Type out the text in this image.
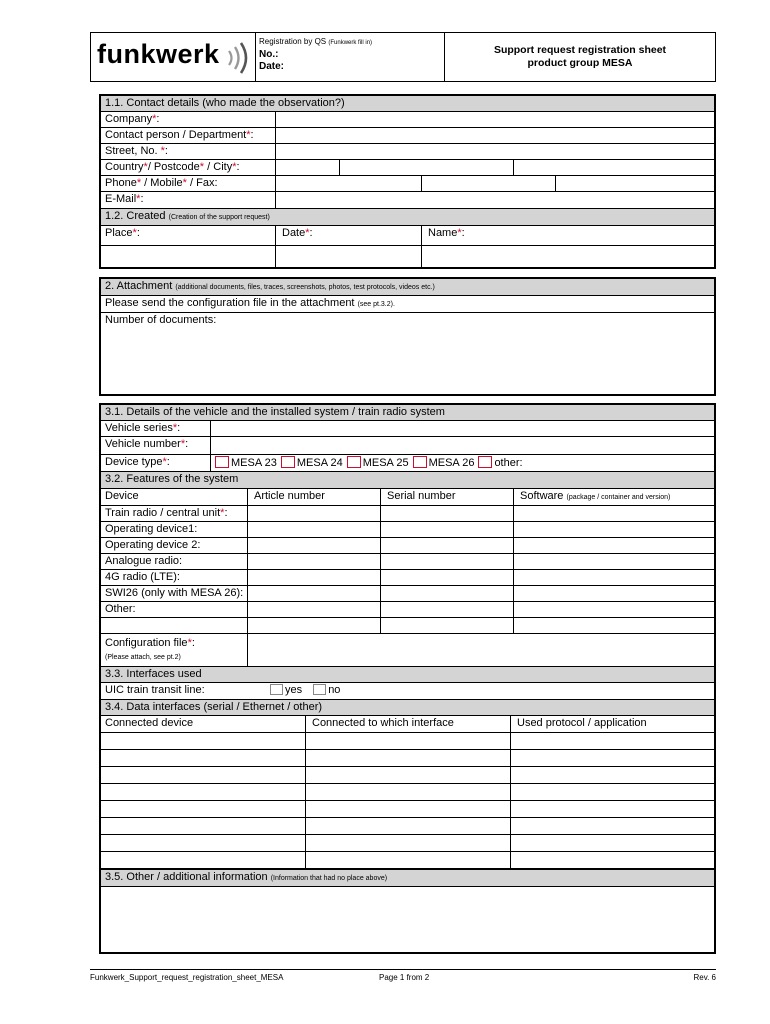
funkwerk	Registration by QS (Funkwerk fill in)
No.:
Date:
Support request registration sheet
product group MESA
1.1. Contact details (who made the observation?)
Company*:
Contact person / Department*:
Street, No. *:
Country*/ Postcode* / City*:
Phone* / Mobile* / Fax:
E-Mail*:
1.2. Created (Creation of the support request)
Place*:	Date*:	Name*:
2. Attachment (additional documents, files, traces, screenshots, photos, test protocols, videos etc.)
Please send the configuration file in the attachment (see pt.3.2).
Number of documents:
3.1. Details of the vehicle and the installed system / train radio system
Vehicle series*:
Vehicle number*:
Device type*:	MESA 23 MESA 24 MESA 25 MESA 26 other:
3.2. Features of the system
Device	Article number	Serial number	Software (package / container and version)
Train radio / central unit*:
Operating device1:
Operating device 2:
Analogue radio:
4G radio (LTE):
SWI26 (only with MESA 26):
Other:
Configuration file*:
(Please attach, see pt.2)
3.3. Interfaces used
UIC train transit line:	yes no
3.4. Data interfaces (serial / Ethernet / other)
Connected device	Connected to which interface	Used protocol / application
3.5. Other / additional information (Information that had no place above)
Funkwerk_Support_request_registration_sheet_MESA	Page 1 from 2	Rev. 6
